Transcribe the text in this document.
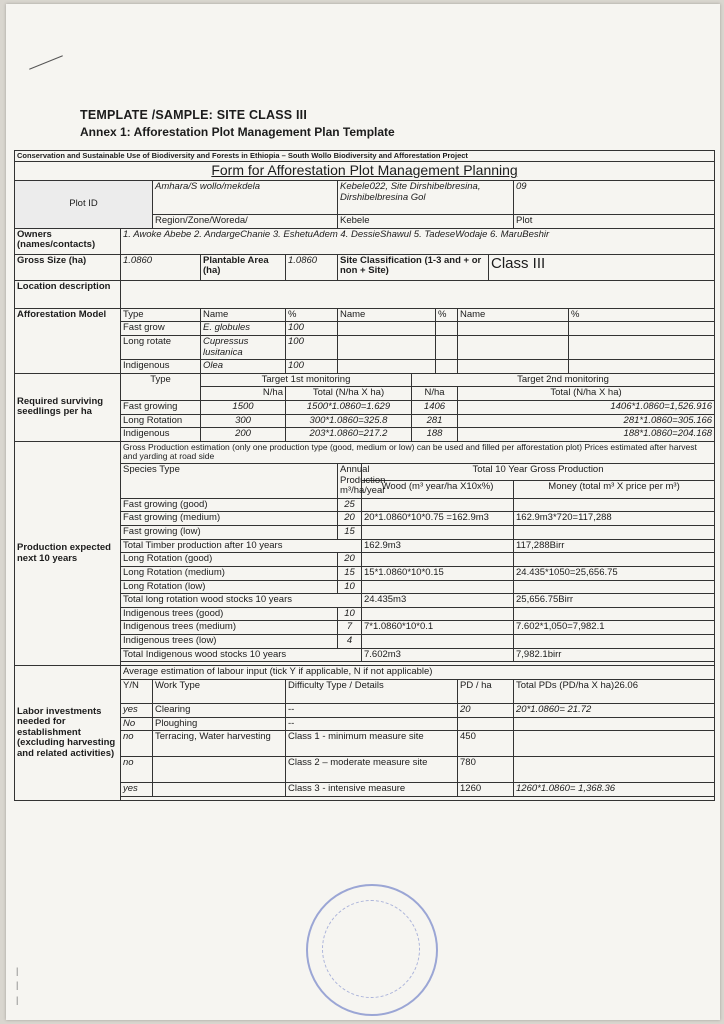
TEMPLATE /SAMPLE: SITE CLASS III
Annex 1: Afforestation Plot Management Plan Template
Conservation and Sustainable Use of Biodiversity and Forests in Ethiopia – South Wollo Biodiversity and Afforestation Project												
Form for Afforestation Plot Management Planning												
Plot ID		Amhara/S wollo/mekdela			Kebele022, Site Dirshibelbresina, Dirshibelbresina Gol						09	
		Region/Zone/Woreda/			Kebele						Plot	
Owners (names/contacts)	1. Awoke Abebe 2. AndargeChanie 3. EshetuAdem 4. DessieShawul 5. TadeseWodaje 6. MaruBeshir											
Gross Size (ha)	1.0860		Plantable Area (ha)	1.0860	Site Classification (1-3 and + or non + Site)					Class III		
Location description												
Afforestation Model	Type		Name	%	Name			%	Name			%
	Fast grow		E. globules	100								
	Long rotate		Cupressus lusitanica	100								
	Indigenous		Olea	100								
Required surviving seedlings per ha	Type		Target 1st monitoring				Target 2nd monitoring					
			N/ha	Total (N/ha X ha)			N/ha		Total (N/ha X ha)			
	Fast growing		1500	1500*1.0860=1.629			1406		1406*1.0860=1,526.916			
	Long Rotation		300	300*1.0860=325.8			281		281*1.0860=305.166			
	Indigenous		200	203*1.0860=217.2			188		188*1.0860=204.168			
Production expected next 10 years	Gross Production estimation (only one production type (good, medium or low) can be used and filled per afforestation plot) Prices estimated after harvest and yarding at road side											
	Species Type				Annual Production m³/ha/year	Total 10 Year Gross Production						
						Wood (m³ year/ha X10x%)					Money (total m³ X price per m³)	
	Fast growing (good)				25							
	Fast growing (medium)				20	20*1.0860*10*0.75 =162.9m3					162.9m3*720=117,288	
	Fast growing (low)				15							
	Total Timber production after 10 years					162.9m3					117,288Birr	
	Long Rotation (good)				20							
	Long Rotation (medium)				15	15*1.0860*10*0.15					24.435*1050=25,656.75	
	Long Rotation (low)				10							
	Total long rotation wood stocks 10 years					24.435m3					25,656.75Birr	
	Indigenous trees (good)				10							
	Indigenous trees (medium)				7	7*1.0860*10*0.1					7.602*1,050=7,982.1	
	Indigenous trees (low)				4							
	Total Indigenous wood stocks 10 years					7.602m3					7,982.1birr	

Labor investments needed for establishment (excluding harvesting and related activities)	Average estimation of labour input (tick Y if applicable, N if not applicable)											
	Y/N	Work Type		Difficulty Type / Details					PD / ha		Total PDs (PD/ha X ha)26.06	
	yes	Clearing		--					20		20*1.0860= 21.72	
	No	Ploughing		--								
	no	Terracing, Water harvesting		Class 1 - minimum measure site					450			
	no			Class 2 – moderate measure site					780			
	yes			Class 3 - intensive measure					1260		1260*1.0860= 1,368.36	

|
|
|
